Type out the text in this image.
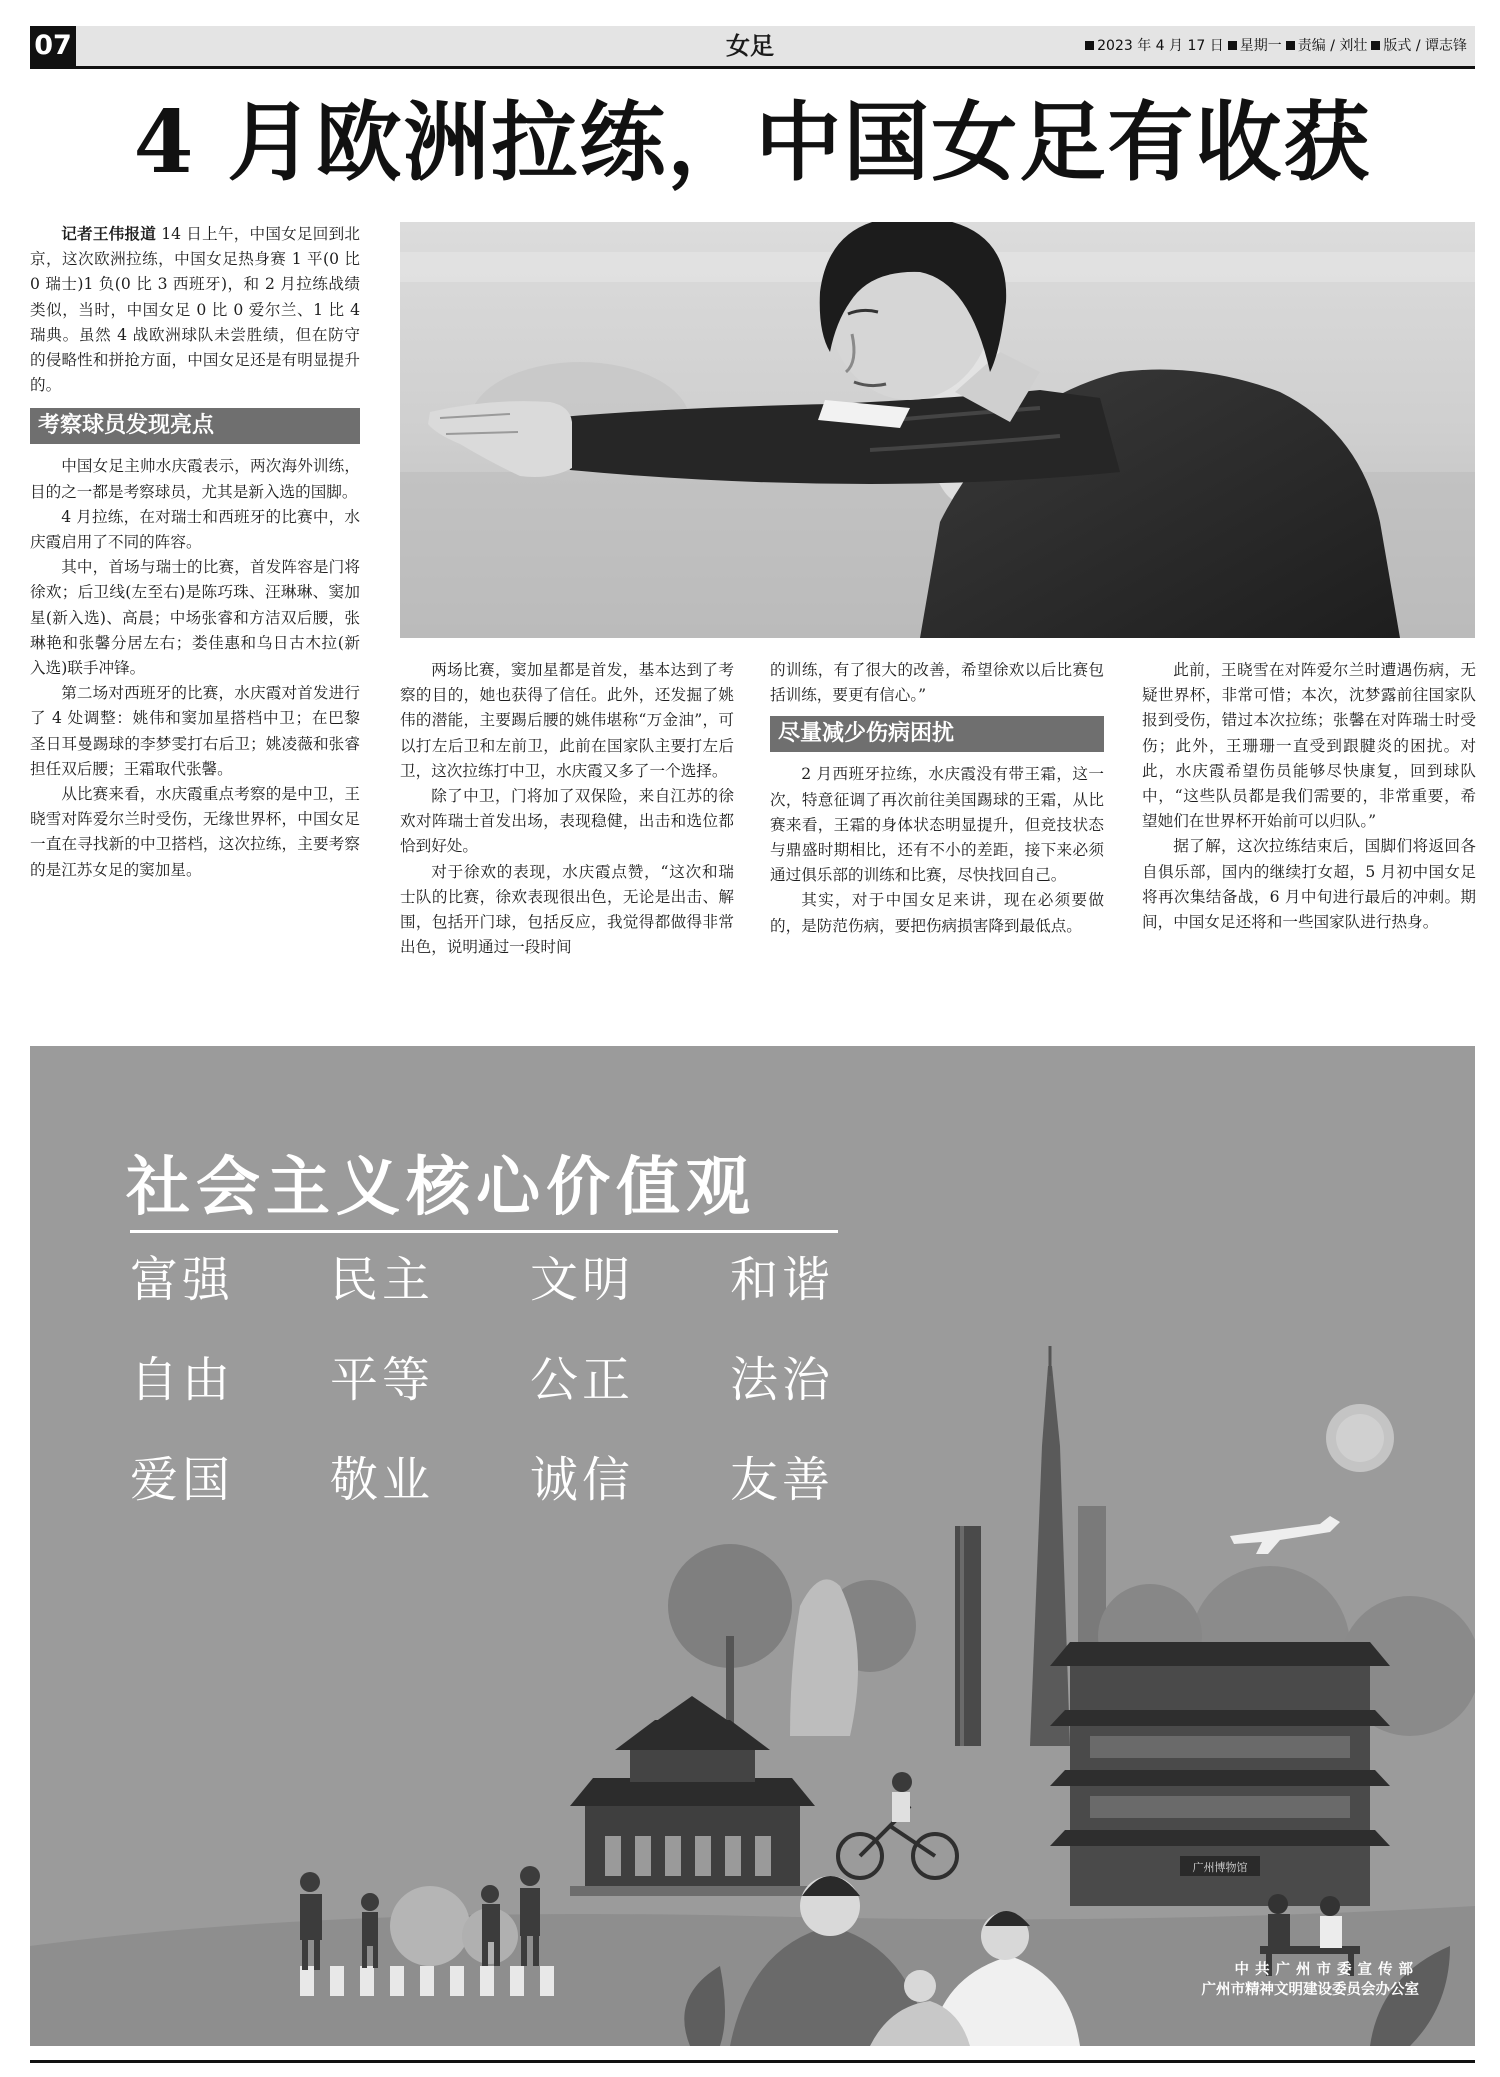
07	女足	2023 年 4 月 17 日 星期一 责编 / 刘壮 版式 / 谭志锋
4 月欧洲拉练，中国女足有收获

记者王伟报道 14 日上午，中国女足回到北京，这次欧洲拉练，中国女足热身赛 1 平(0 比 0 瑞士)1 负(0 比 3 西班牙)，和 2 月拉练战绩类似，当时，中国女足 0 比 0 爱尔兰、1 比 4 瑞典。虽然 4 战欧洲球队未尝胜绩，但在防守的侵略性和拼抢方面，中国女足还是有明显提升的。

考察球员发现亮点

中国女足主帅水庆霞表示，两次海外训练，目的之一都是考察球员，尤其是新入选的国脚。

4 月拉练，在对瑞士和西班牙的比赛中，水庆霞启用了不同的阵容。

其中，首场与瑞士的比赛，首发阵容是门将徐欢；后卫线(左至右)是陈巧珠、汪琳琳、窦加星(新入选)、高晨；中场张睿和方洁双后腰，张琳艳和张馨分居左右；娄佳惠和乌日古木拉(新入选)联手冲锋。

第二场对西班牙的比赛，水庆霞对首发进行了 4 处调整：姚伟和窦加星搭档中卫；在巴黎圣日耳曼踢球的李梦雯打右后卫；姚凌薇和张睿担任双后腰；王霜取代张馨。

从比赛来看，水庆霞重点考察的是中卫，王晓雪对阵爱尔兰时受伤，无缘世界杯，中国女足一直在寻找新的中卫搭档，这次拉练，主要考察的是江苏女足的窦加星。

两场比赛，窦加星都是首发，基本达到了考察的目的，她也获得了信任。此外，还发掘了姚伟的潜能，主要踢后腰的姚伟堪称“万金油”，可以打左后卫和左前卫，此前在国家队主要打左后卫，这次拉练打中卫，水庆霞又多了一个选择。

除了中卫，门将加了双保险，来自江苏的徐欢对阵瑞士首发出场，表现稳健，出击和选位都恰到好处。

对于徐欢的表现，水庆霞点赞，“这次和瑞士队的比赛，徐欢表现很出色，无论是出击、解围，包括开门球，包括反应，我觉得都做得非常出色，说明通过一段时间

的训练，有了很大的改善，希望徐欢以后比赛包括训练，要更有信心。”

尽量减少伤病困扰

2 月西班牙拉练，水庆霞没有带王霜，这一次，特意征调了再次前往美国踢球的王霜，从比赛来看，王霜的身体状态明显提升，但竞技状态与鼎盛时期相比，还有不小的差距，接下来必须通过俱乐部的训练和比赛，尽快找回自己。

其实，对于中国女足来讲，现在必须要做的，是防范伤病，要把伤病损害降到最低点。

此前，王晓雪在对阵爱尔兰时遭遇伤病，无疑世界杯，非常可惜；本次，沈梦露前往国家队报到受伤，错过本次拉练；张馨在对阵瑞士时受伤；此外，王珊珊一直受到跟腱炎的困扰。对此，水庆霞希望伤员能够尽快康复，回到球队中，“这些队员都是我们需要的，非常重要，希望她们在世界杯开始前可以归队。”

据了解，这次拉练结束后，国脚们将返回各自俱乐部，国内的继续打女超，5 月初中国女足将再次集结备战，6 月中旬进行最后的冲刺。期间，中国女足还将和一些国家队进行热身。

广州博物馆
社会主义核心价值观
富强 民主 文明 和谐
自由 平等 公正 法治
爱国 敬业 诚信 友善
中共广州市委宣传部
广州市精神文明建设委员会办公室
